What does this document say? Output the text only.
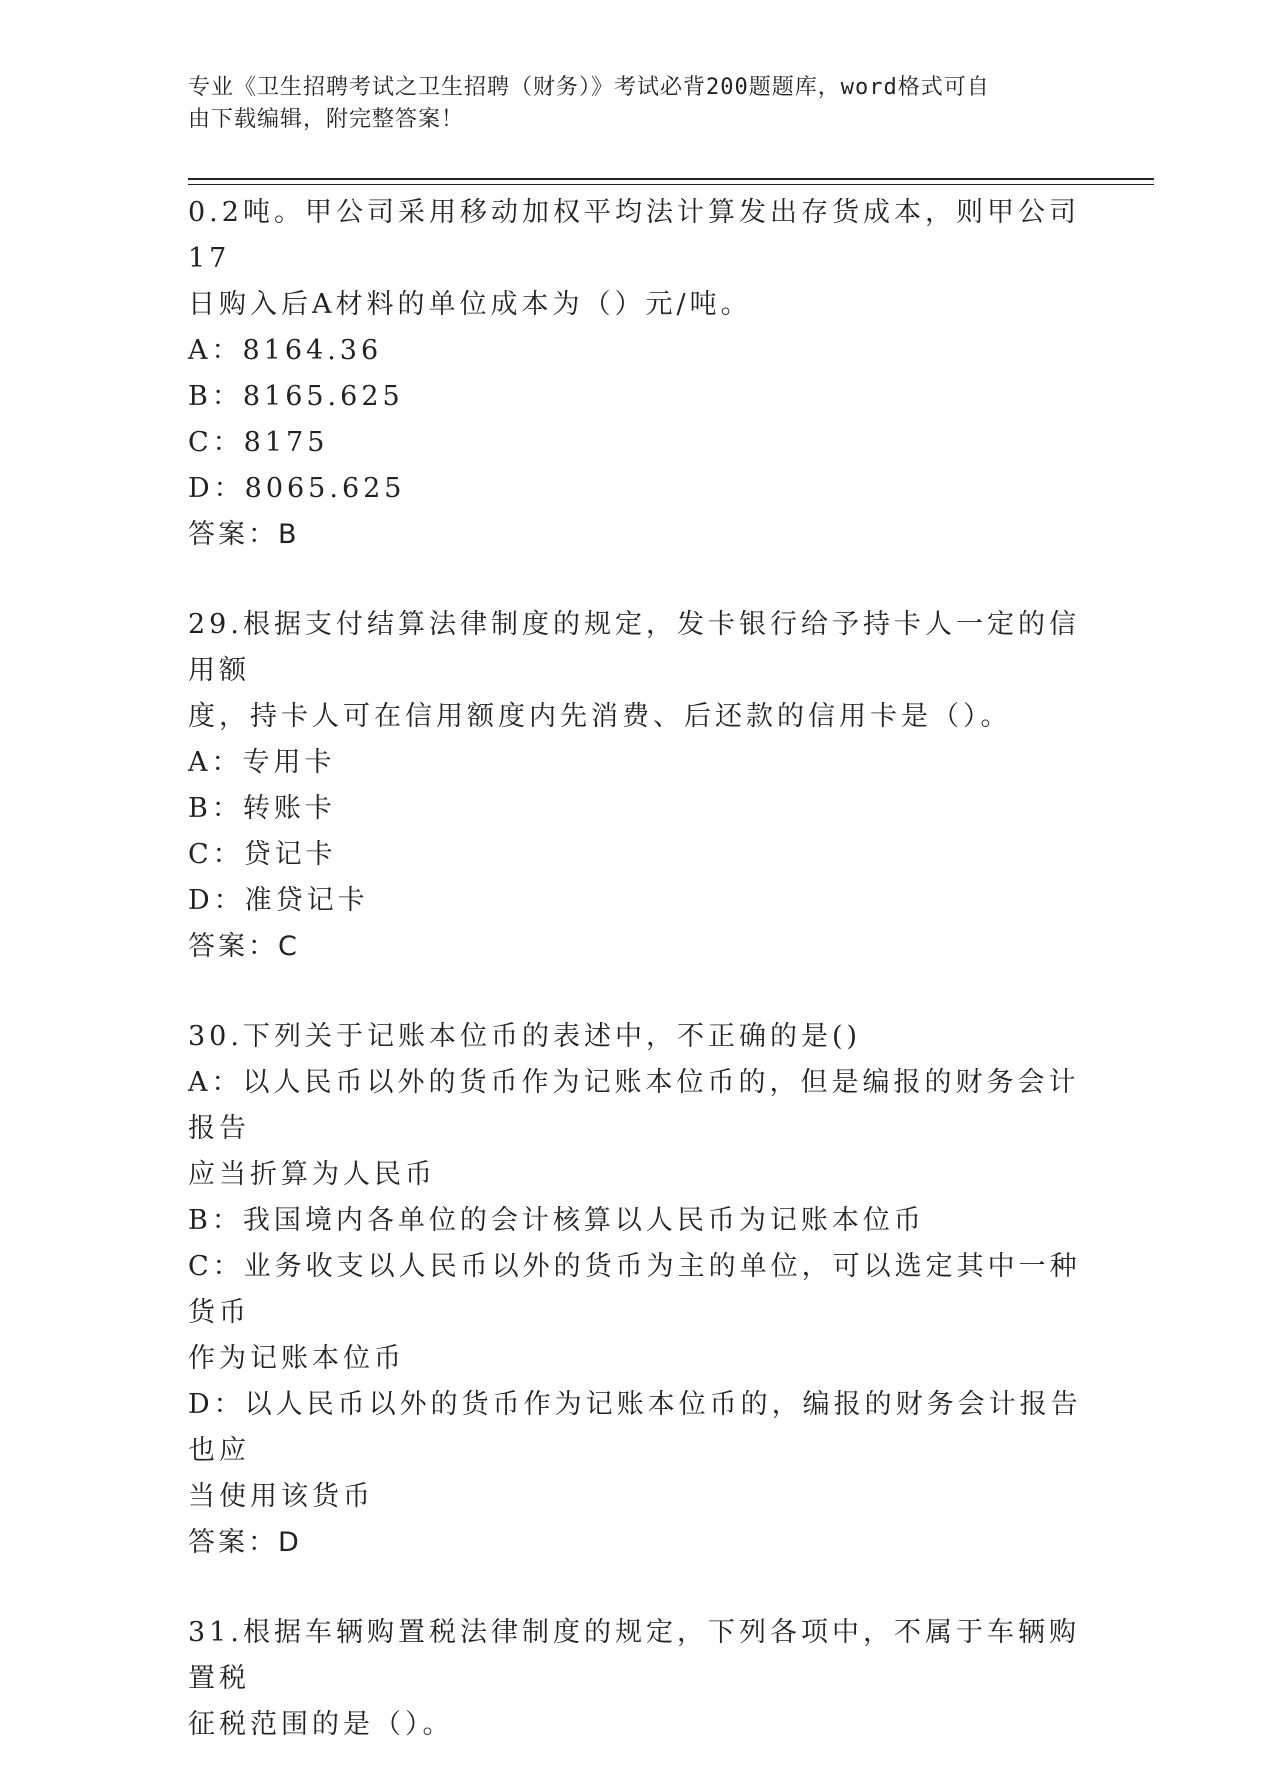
专业《卫生招聘考试之卫生招聘（财务）》考试必背200题题库，word格式可自
由下载编辑，附完整答案！
0.2吨。甲公司采用移动加权平均法计算发出存货成本，则甲公司17
日购入后A材料的单位成本为（）元/吨。
A：8164.36
B：8165.625
C：8175
D：8065.625
答案：B
29.根据支付结算法律制度的规定，发卡银行给予持卡人一定的信用额
度，持卡人可在信用额度内先消费、后还款的信用卡是（）。
A：专用卡
B：转账卡
C：贷记卡
D：准贷记卡
答案：C
30.下列关于记账本位币的表述中，不正确的是()
A：以人民币以外的货币作为记账本位币的，但是编报的财务会计报告
应当折算为人民币
B：我国境内各单位的会计核算以人民币为记账本位币
C：业务收支以人民币以外的货币为主的单位，可以选定其中一种货币
作为记账本位币
D：以人民币以外的货币作为记账本位币的，编报的财务会计报告也应
当使用该货币
答案：D
31.根据车辆购置税法律制度的规定，下列各项中，不属于车辆购置税
征税范围的是（）。
